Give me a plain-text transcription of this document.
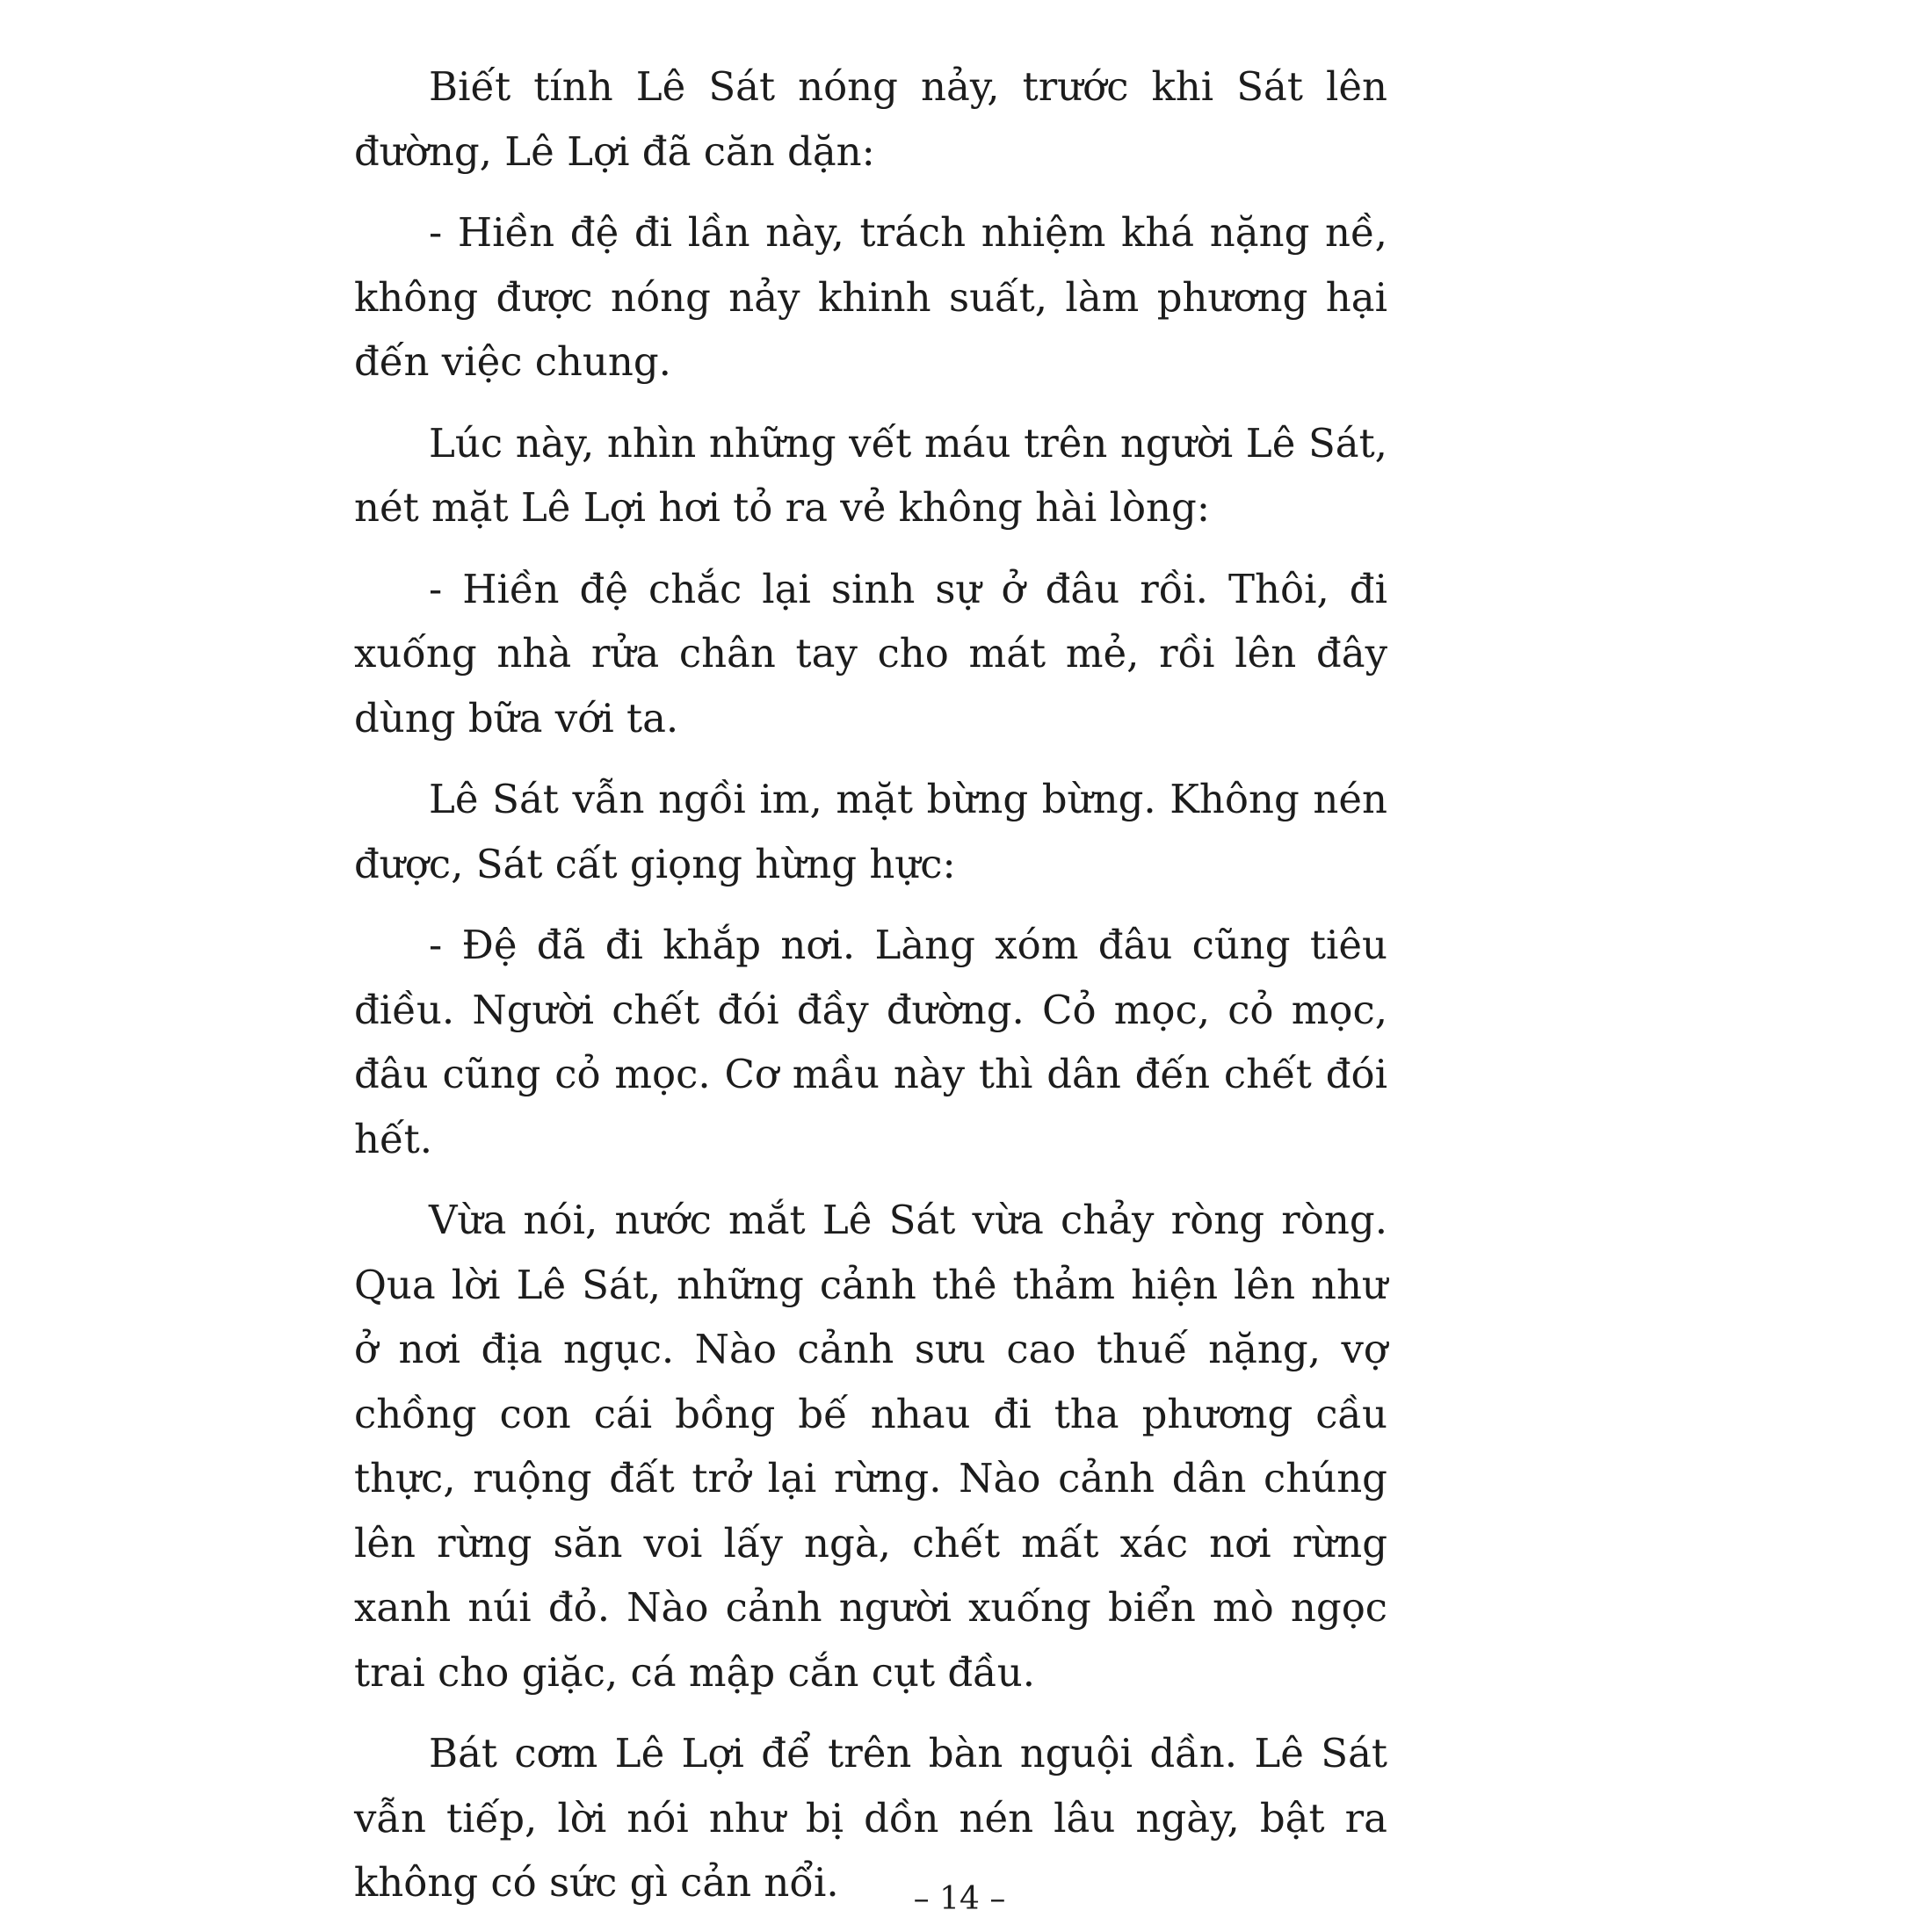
Biết tính Lê Sát nóng nảy, trước khi Sát lên đường, Lê Lợi đã căn dặn:

- Hiền đệ đi lần này, trách nhiệm khá nặng nề, không được nóng nảy khinh suất, làm phương hại đến việc chung.

Lúc này, nhìn những vết máu trên người Lê Sát, nét mặt Lê Lợi hơi tỏ ra vẻ không hài lòng:

- Hiền đệ chắc lại sinh sự ở đâu rồi. Thôi, đi xuống nhà rửa chân tay cho mát mẻ, rồi lên đây dùng bữa với ta.

Lê Sát vẫn ngồi im, mặt bừng bừng. Không nén được, Sát cất giọng hừng hực:

- Đệ đã đi khắp nơi. Làng xóm đâu cũng tiêu điều. Người chết đói đầy đường. Cỏ mọc, cỏ mọc, đâu cũng cỏ mọc. Cơ mầu này thì dân đến chết đói hết.

Vừa nói, nước mắt Lê Sát vừa chảy ròng ròng. Qua lời Lê Sát, những cảnh thê thảm hiện lên như ở nơi địa ngục. Nào cảnh sưu cao thuế nặng, vợ chồng con cái bồng bế nhau đi tha phương cầu thực, ruộng đất trở lại rừng. Nào cảnh dân chúng lên rừng săn voi lấy ngà, chết mất xác nơi rừng xanh núi đỏ. Nào cảnh người xuống biển mò ngọc trai cho giặc, cá mập cắn cụt đầu.

Bát cơm Lê Lợi để trên bàn nguội dần. Lê Sát vẫn tiếp, lời nói như bị dồn nén lâu ngày, bật ra không có sức gì cản nổi.	– 14 –
